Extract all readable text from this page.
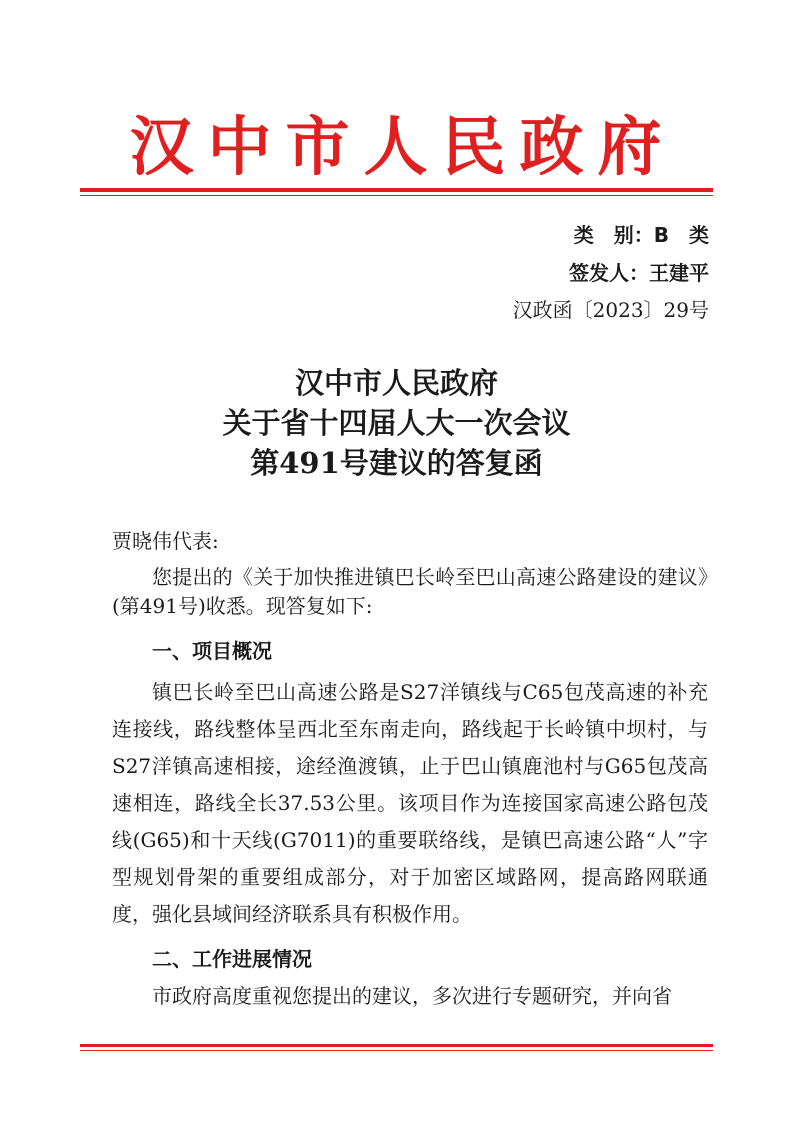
汉中市人民政府
类　别：B　类
签发人：王建平
汉政函〔2023〕29号
汉中市人民政府
关于省十四届人大一次会议
第491号建议的答复函
贾晓伟代表:
您提出的《关于加快推进镇巴长岭至巴山高速公路建设的建议》(第491号)收悉。现答复如下:
一、项目概况
镇巴长岭至巴山高速公路是S27洋镇线与C65包茂高速的补充连接线，路线整体呈西北至东南走向，路线起于长岭镇中坝村，与S27洋镇高速相接，途经渔渡镇，止于巴山镇鹿池村与G65包茂高速相连，路线全长37.53公里。该项目作为连接国家高速公路包茂线(G65)和十天线(G7011)的重要联络线，是镇巴高速公路“人”字型规划骨架的重要组成部分，对于加密区域路网，提高路网联通度，强化县域间经济联系具有积极作用。
二、工作进展情况
市政府高度重视您提出的建议，多次进行专题研究，并向省
